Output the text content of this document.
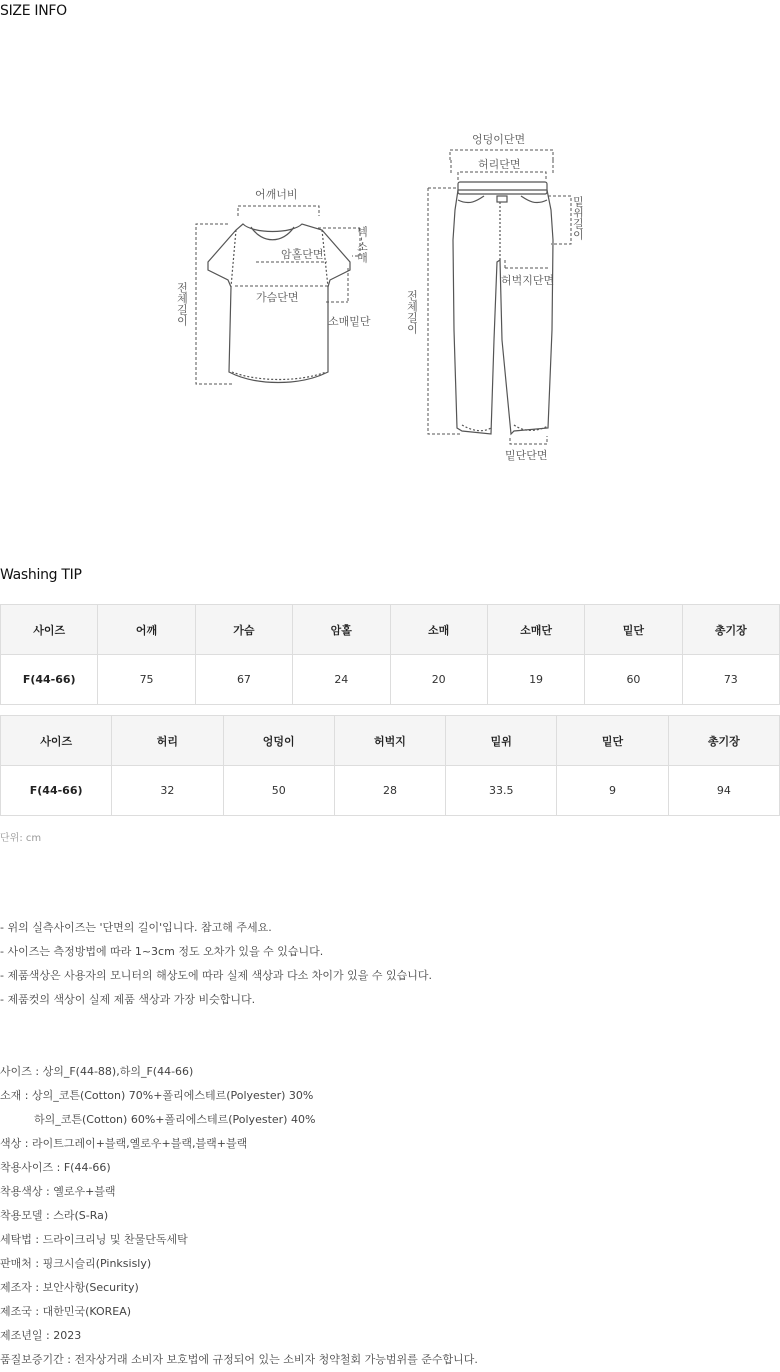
SIZE INFO
어깨너비
암홀단면	넥-소매
가슴단면
소매밑단
전체길이
엉덩이단면
허리단면
밑위길이
허벅지단면
전체길이
밑단단면
Washing TIP
사이즈	어깨	가슴	암홀	소매	소매단	밑단	총기장
F(44-66)	75	67	24	20	19	60	73
사이즈	허리	엉덩이	허벅지	밑위	밑단	총기장
F(44-66)	32	50	28	33.5	9	94
단위: cm
- 위의 실측사이즈는 '단면의 길이'입니다. 참고해 주세요.
- 사이즈는 측정방법에 따라 1~3cm 정도 오차가 있을 수 있습니다.
- 제품색상은 사용자의 모니터의 해상도에 따라 실제 색상과 다소 차이가 있을 수 있습니다.
- 제품컷의 색상이 실제 제품 색상과 가장 비슷합니다.
사이즈 : 상의_F(44-88),하의_F(44-66)
소재 : 상의_코튼(Cotton) 70%+폴리에스테르(Polyester) 30%
하의_코튼(Cotton) 60%+폴리에스테르(Polyester) 40%
색상 : 라이트그레이+블랙,옐로우+블랙,블랙+블랙
착용사이즈 : F(44-66)
착용색상 : 옐로우+블랙
착용모델 : 스라(S-Ra)
세탁법 : 드라이크리닝 및 찬물단독세탁
판매처 : 핑크시슬리(Pinksisly)
제조자 : 보안사항(Security)
제조국 : 대한민국(KOREA)
제조년일 : 2023
품질보증기간 : 전자상거래 소비자 보호법에 규정되어 있는 소비자 청약철회 가능범위를 준수합니다.
